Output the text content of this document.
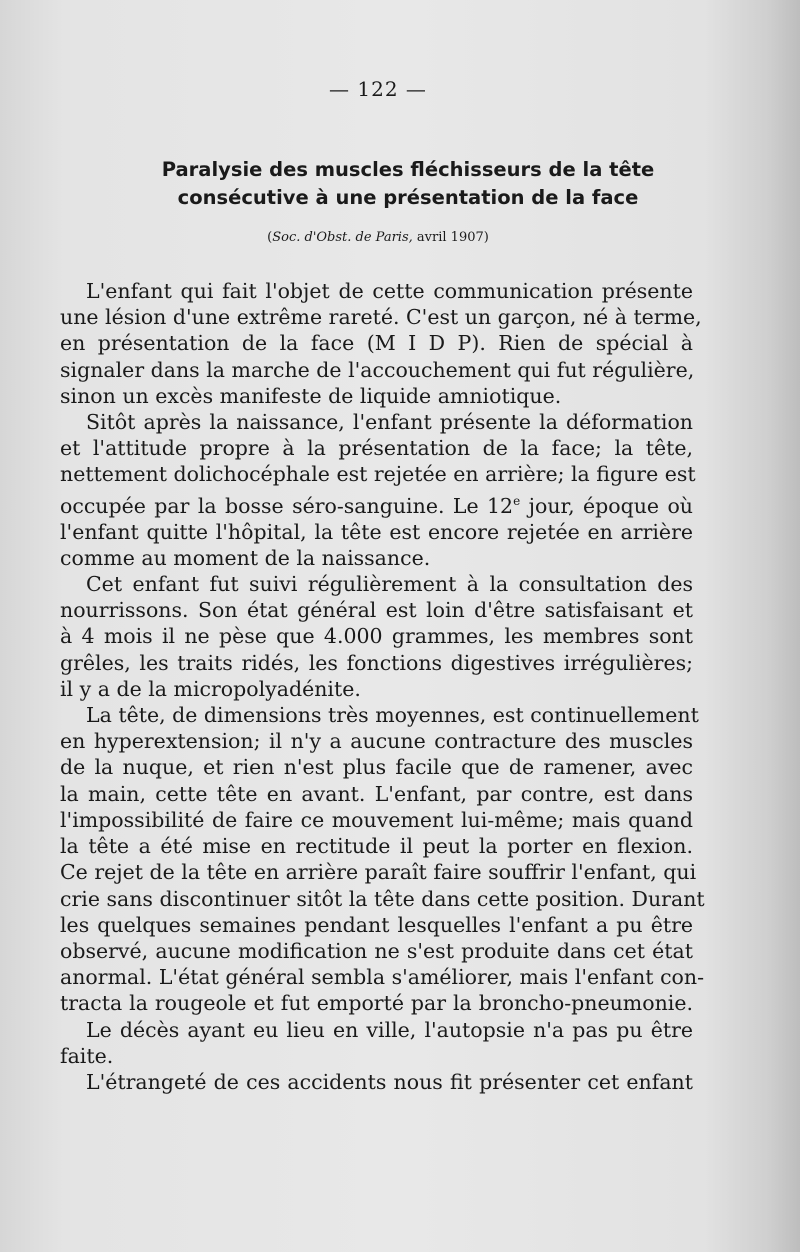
— 122 —
Paralysie des muscles fléchisseurs de la tête
consécutive à une présentation de la face
(Soc. d'Obst. de Paris, avril 1907)
L'enfant qui fait l'objet de cette communication présente
une lésion d'une extrême rareté. C'est un garçon, né à terme,
en présentation de la face (M I D P). Rien de spécial à
signaler dans la marche de l'accouchement qui fut régulière,
sinon un excès manifeste de liquide amniotique.
Sitôt après la naissance, l'enfant présente la déformation
et l'attitude propre à la présentation de la face; la tête,
nettement dolichocéphale est rejetée en arrière; la figure est
occupée par la bosse séro-sanguine. Le 12e jour, époque où
l'enfant quitte l'hôpital, la tête est encore rejetée en arrière
comme au moment de la naissance.
Cet enfant fut suivi régulièrement à la consultation des
nourrissons. Son état général est loin d'être satisfaisant et
à 4 mois il ne pèse que 4.000 grammes, les membres sont
grêles, les traits ridés, les fonctions digestives irrégulières;
il y a de la micropolyadénite.
La tête, de dimensions très moyennes, est continuellement
en hyperextension; il n'y a aucune contracture des muscles
de la nuque, et rien n'est plus facile que de ramener, avec
la main, cette tête en avant. L'enfant, par contre, est dans
l'impossibilité de faire ce mouvement lui-même; mais quand
la tête a été mise en rectitude il peut la porter en flexion.
Ce rejet de la tête en arrière paraît faire souffrir l'enfant, qui
crie sans discontinuer sitôt la tête dans cette position. Durant
les quelques semaines pendant lesquelles l'enfant a pu être
observé, aucune modification ne s'est produite dans cet état
anormal. L'état général sembla s'améliorer, mais l'enfant con-
tracta la rougeole et fut emporté par la broncho-pneumonie.
Le décès ayant eu lieu en ville, l'autopsie n'a pas pu être
faite.
L'étrangeté de ces accidents nous fit présenter cet enfant
